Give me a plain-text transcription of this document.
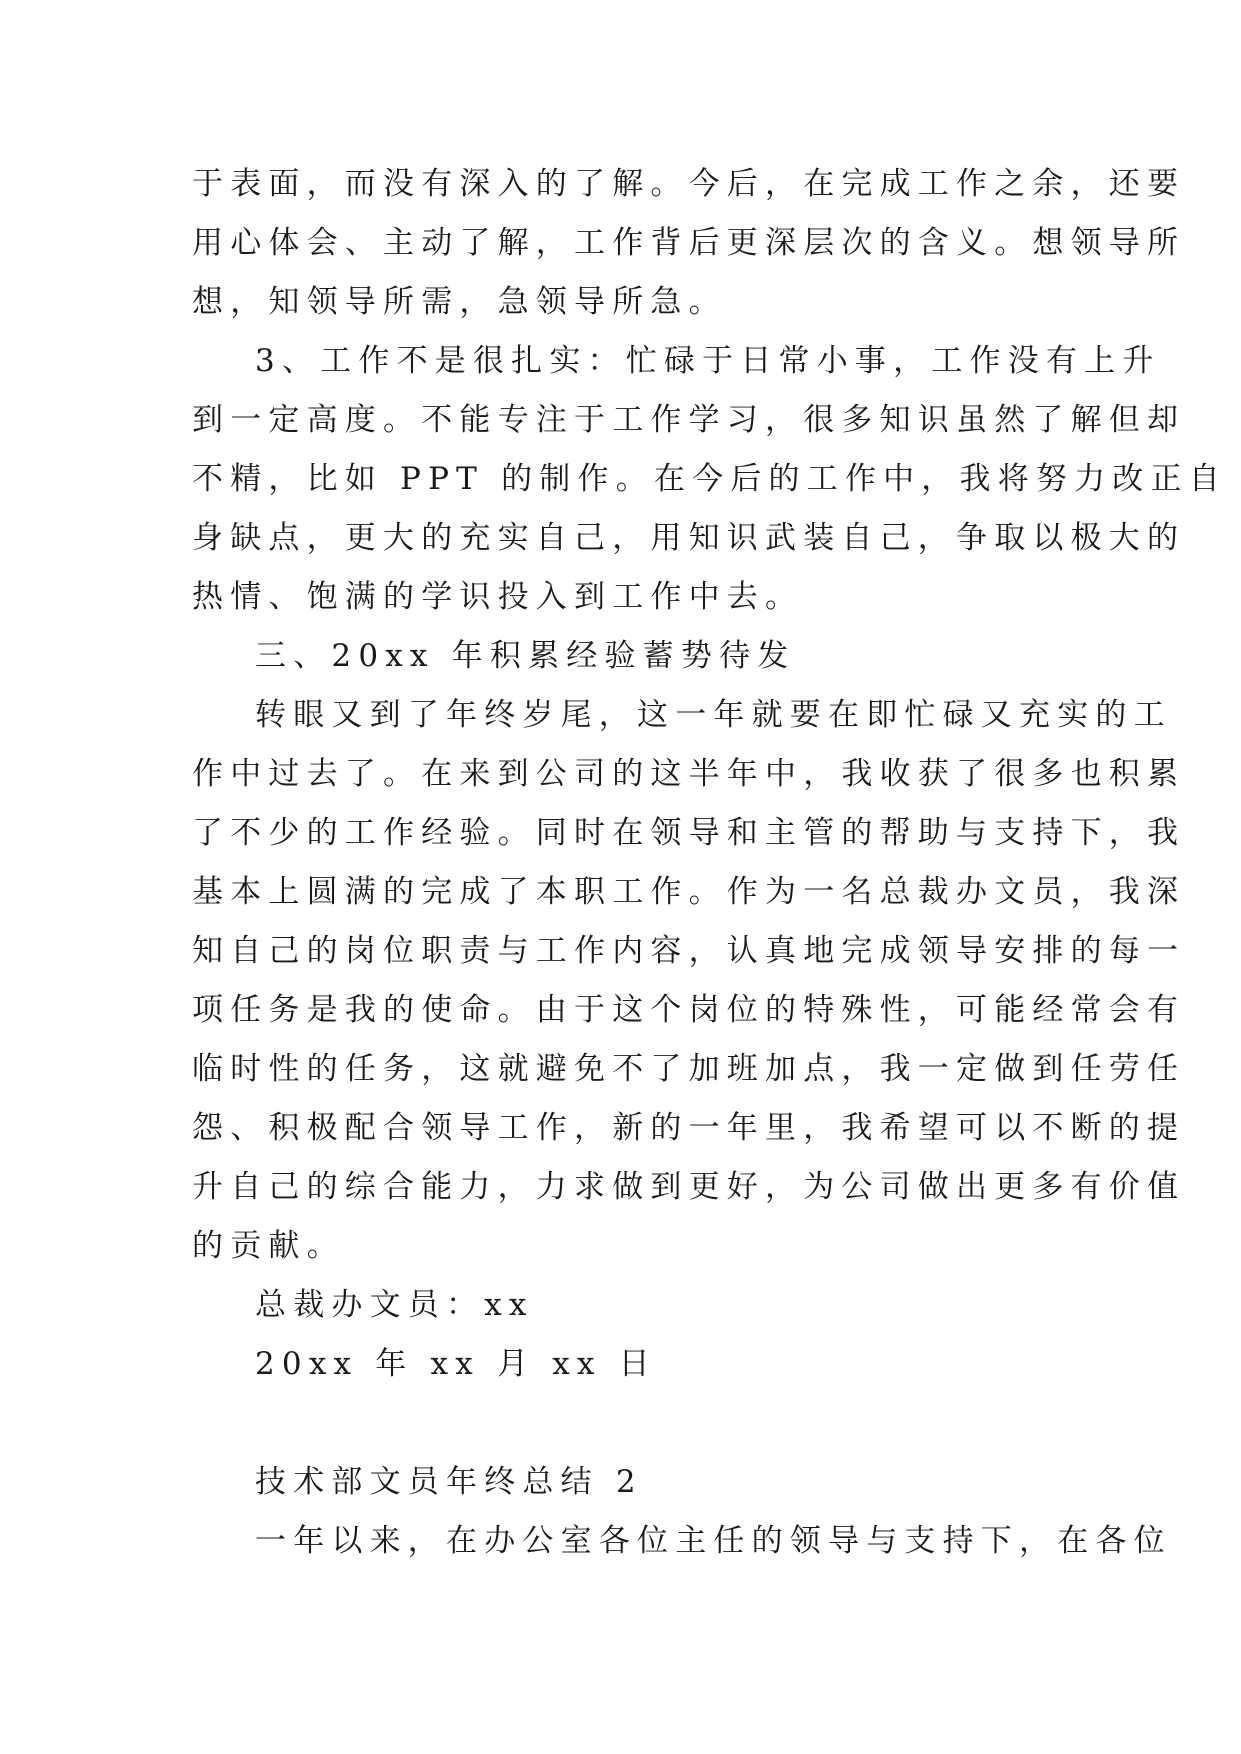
于表面，而没有深入的了解。今后，在完成工作之余，还要
用心体会、主动了解，工作背后更深层次的含义。想领导所
想，知领导所需，急领导所急。
3、工作不是很扎实：忙碌于日常小事，工作没有上升
到一定高度。不能专注于工作学习，很多知识虽然了解但却
不精，比如 PPT 的制作。在今后的工作中，我将努力改正自
身缺点，更大的充实自己，用知识武装自己，争取以极大的
热情、饱满的学识投入到工作中去。
三、20xx 年积累经验蓄势待发
转眼又到了年终岁尾，这一年就要在即忙碌又充实的工
作中过去了。在来到公司的这半年中，我收获了很多也积累
了不少的工作经验。同时在领导和主管的帮助与支持下，我
基本上圆满的完成了本职工作。作为一名总裁办文员，我深
知自己的岗位职责与工作内容，认真地完成领导安排的每一
项任务是我的使命。由于这个岗位的特殊性，可能经常会有
临时性的任务，这就避免不了加班加点，我一定做到任劳任
怨、积极配合领导工作，新的一年里，我希望可以不断的提
升自己的综合能力，力求做到更好，为公司做出更多有价值
的贡献。
总裁办文员：xx
20xx 年 xx 月 xx 日
技术部文员年终总结 2
一年以来，在办公室各位主任的领导与支持下，在各位
